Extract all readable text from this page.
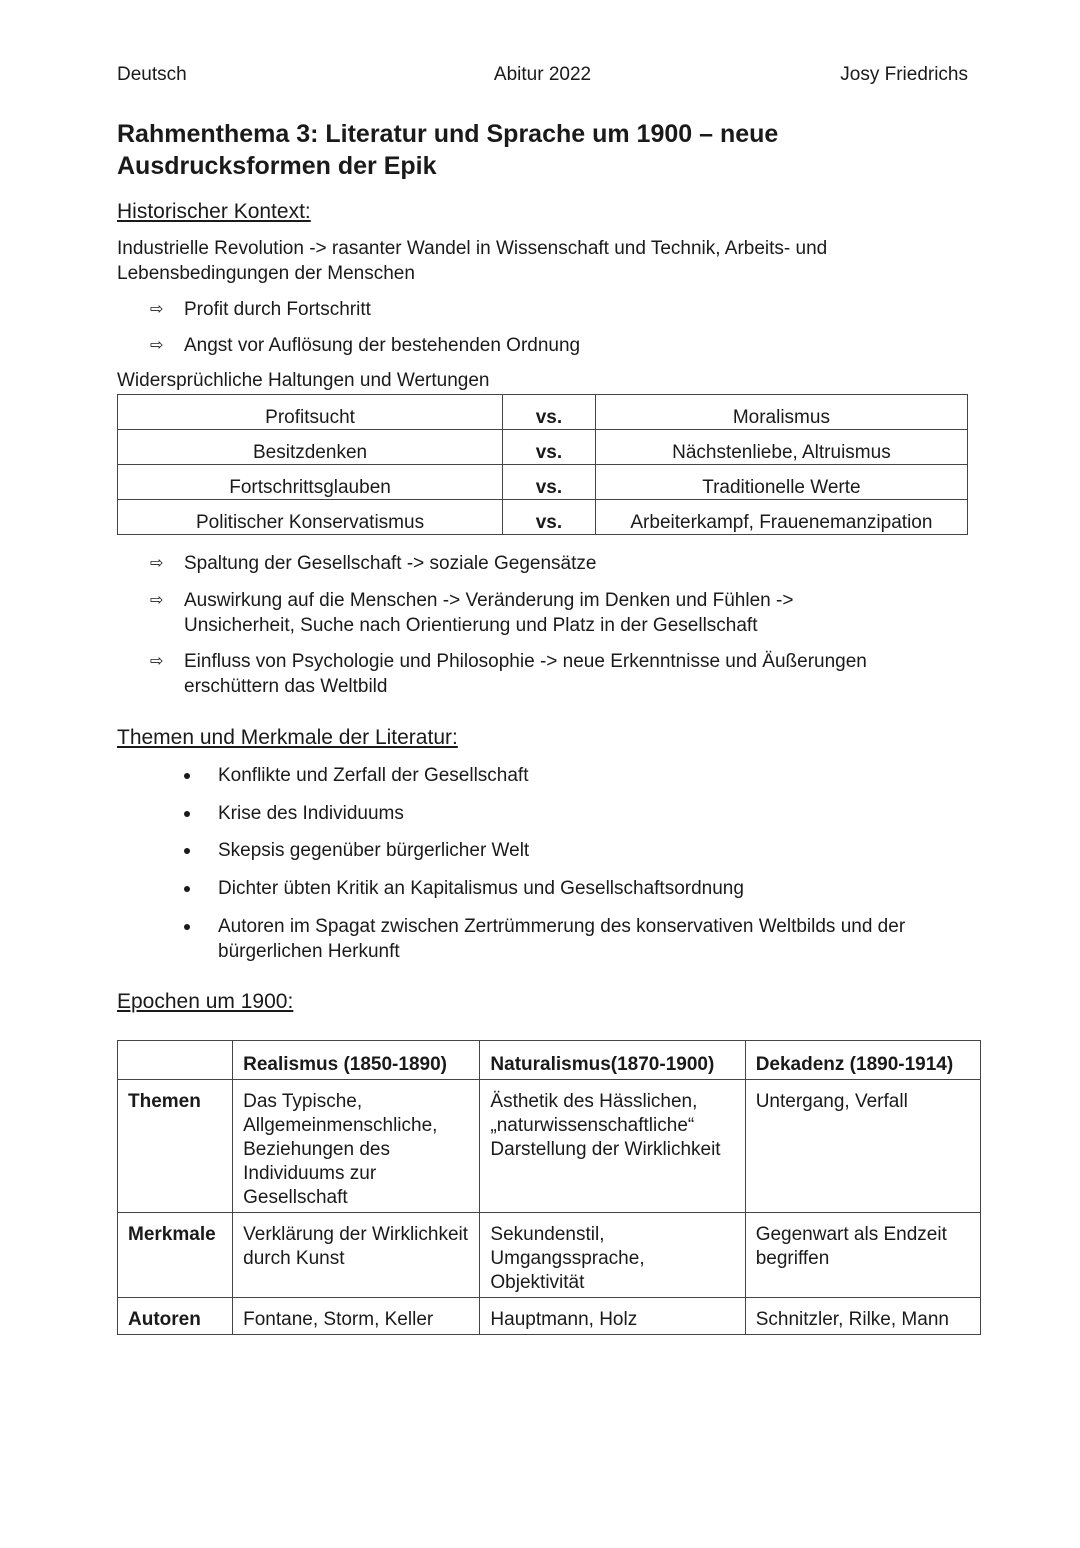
Deutsch	Abitur 2022	Josy Friedrichs
Rahmenthema 3: Literatur und Sprache um 1900 – neue Ausdrucksformen der Epik
Historischer Kontext:
Industrielle Revolution -> rasanter Wandel in Wissenschaft und Technik, Arbeits- und Lebensbedingungen der Menschen
⇨ Profit durch Fortschritt
⇨ Angst vor Auflösung der bestehenden Ordnung
Widersprüchliche Haltungen und Wertungen
Profitsucht	vs.	Moralismus
Besitzdenken	vs.	Nächstenliebe, Altruismus
Fortschrittsglauben	vs.	Traditionelle Werte
Politischer Konservatismus	vs.	Arbeiterkampf, Frauenemanzipation
⇨ Spaltung der Gesellschaft -> soziale Gegensätze
⇨ Auswirkung auf die Menschen -> Veränderung im Denken und Fühlen -> Unsicherheit, Suche nach Orientierung und Platz in der Gesellschaft
⇨ Einfluss von Psychologie und Philosophie -> neue Erkenntnisse und Äußerungen erschüttern das Weltbild
Themen und Merkmale der Literatur:
Konflikte und Zerfall der Gesellschaft
Krise des Individuums
Skepsis gegenüber bürgerlicher Welt
Dichter übten Kritik an Kapitalismus und Gesellschaftsordnung
Autoren im Spagat zwischen Zertrümmerung des konservativen Weltbilds und der bürgerlichen Herkunft
Epochen um 1900:
	Realismus (1850-1890)	Naturalismus(1870-1900)	Dekadenz (1890-1914)
Themen	Das Typische, Allgemeinmenschliche, Beziehungen des Individuums zur Gesellschaft	Ästhetik des Hässlichen, „naturwissenschaftliche“ Darstellung der Wirklichkeit	Untergang, Verfall
Merkmale	Verklärung der Wirklichkeit durch Kunst	Sekundenstil, Umgangssprache, Objektivität	Gegenwart als Endzeit begriffen
Autoren	Fontane, Storm, Keller	Hauptmann, Holz	Schnitzler, Rilke, Mann
